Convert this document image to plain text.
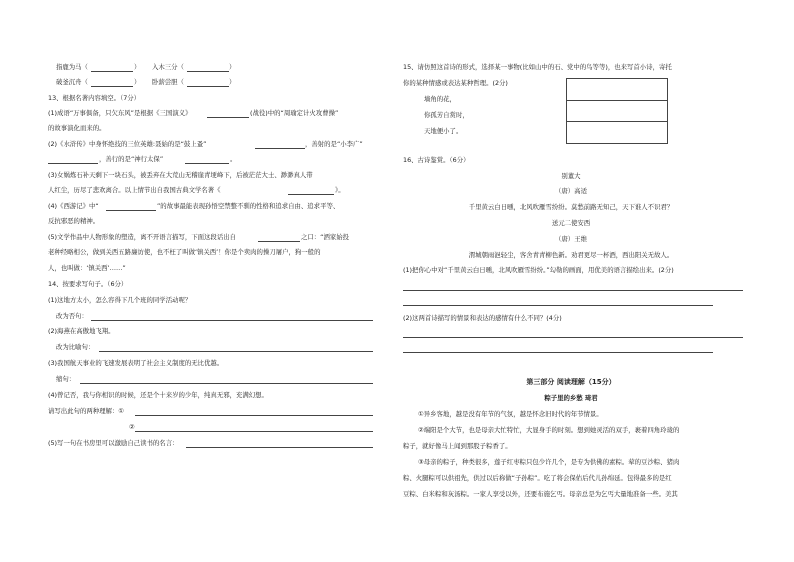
指鹿为马（	） 入木三分（	）
破釜沉舟（	） 卧薪尝胆（	）
13、根据名著内容填空。（7分）
(1)成语“万事俱备，只欠东风”是根据《三国演义》	(战役)中的“周瑜定计火攻曹操”
的故事演化而来的。
(2)《水浒传》中身怀绝技的三位英雄:聂始的是“鼓上蚤”	，善射的是“小李广”
，善行的是“神行太保”	。
(3)女娲炼石补天剩下一块石头，被丢弃在大荒山无稽崖青埂峰下，后被茫茫大士、渺渺真人带
人红尘，历尽了悲欢离合。以上情节出自我国古典文学名著《	》。
(4)《西游记》中“	”的故事最能表现孙悟空禁整不驯的性格和追求自由、追求平等、
反抗邪恶的精神。
(5)文学作品中人物形象的塑造，离不开语言描写，下面这段话出自	之口：“洒家始投
老种经略相公，做到关西五路廉访使，也不枉了叫做‘镇关西’！你是个卖肉的操刀屠户，狗一般的
人，也叫做：‘镇关西’……”
14、按要求写句子。（6分）
(1)这地方太小，怎么容得下几个班的同学活动呢？
改为否句：
(2)海燕在高傲地飞翔。
改为比喻句：
(3)我国航天事业的飞速发展表明了社会主义制度的无比优越。
缩句：
(4)曾记否，我与你相识的时候，还是个十来岁的少年，纯真无邪，充满幻想。
请写出此句的两种理解：①
②
(5)写一句在书房里可以激励自己读书的名言：
15、请仿照这首诗的形式，选择某一事物(比如山中的石、党中的鸟等等)，也来写首小诗，寄托
你的某种情感或表达某种哲理。(2分)
墙角的花，
你孤芳自赏时，
天地便小了。
16、古诗鉴赏。（6分）
别董大
（唐）高适
千里黄云白日曛，北风吹雁雪纷纷。莫愁前路无知己，天下谁人不识君？
送元二使安西
（唐）王维
渭城朝雨浥轻尘，客舍青青柳色新。劝君更尽一杯酒，西出阳关无故人。
(1)把你心中对“千里黄云白日曛，北风吹雁雪纷纷。”勾勒的画面，用优美的语言描绘出来。(2分)
(2)这两首诗描写的情景和表达的感情有什么不同？(4分)
第三部分 阅读理解（15分）
粽子里的乡愁 琦君
①异乡客地，越是没有年节的气氛，越是怀念旧时代的年节情景。
②端阳是个大节，也是母亲大忙特忙，大显身手的时刻。想到她灵活的双手，裹着四角玲珑的
粽子，就好像马上闻到那股子粽香了。
③母亲的粽子，种类很多，莲子红枣粽只包少许几个，是专为供佛的素粽。荤的豆沙粽、猪肉
粽、火腿粽可以供祖先，供过以后称做“子孙粽”。吃了将会保佑后代儿孙绵延。包得最多的是红
豆粽、白米粽和灰汤粽。一家人享受以外，还要布施乞丐。母亲总是为乞丐大量地准备一些。美其
